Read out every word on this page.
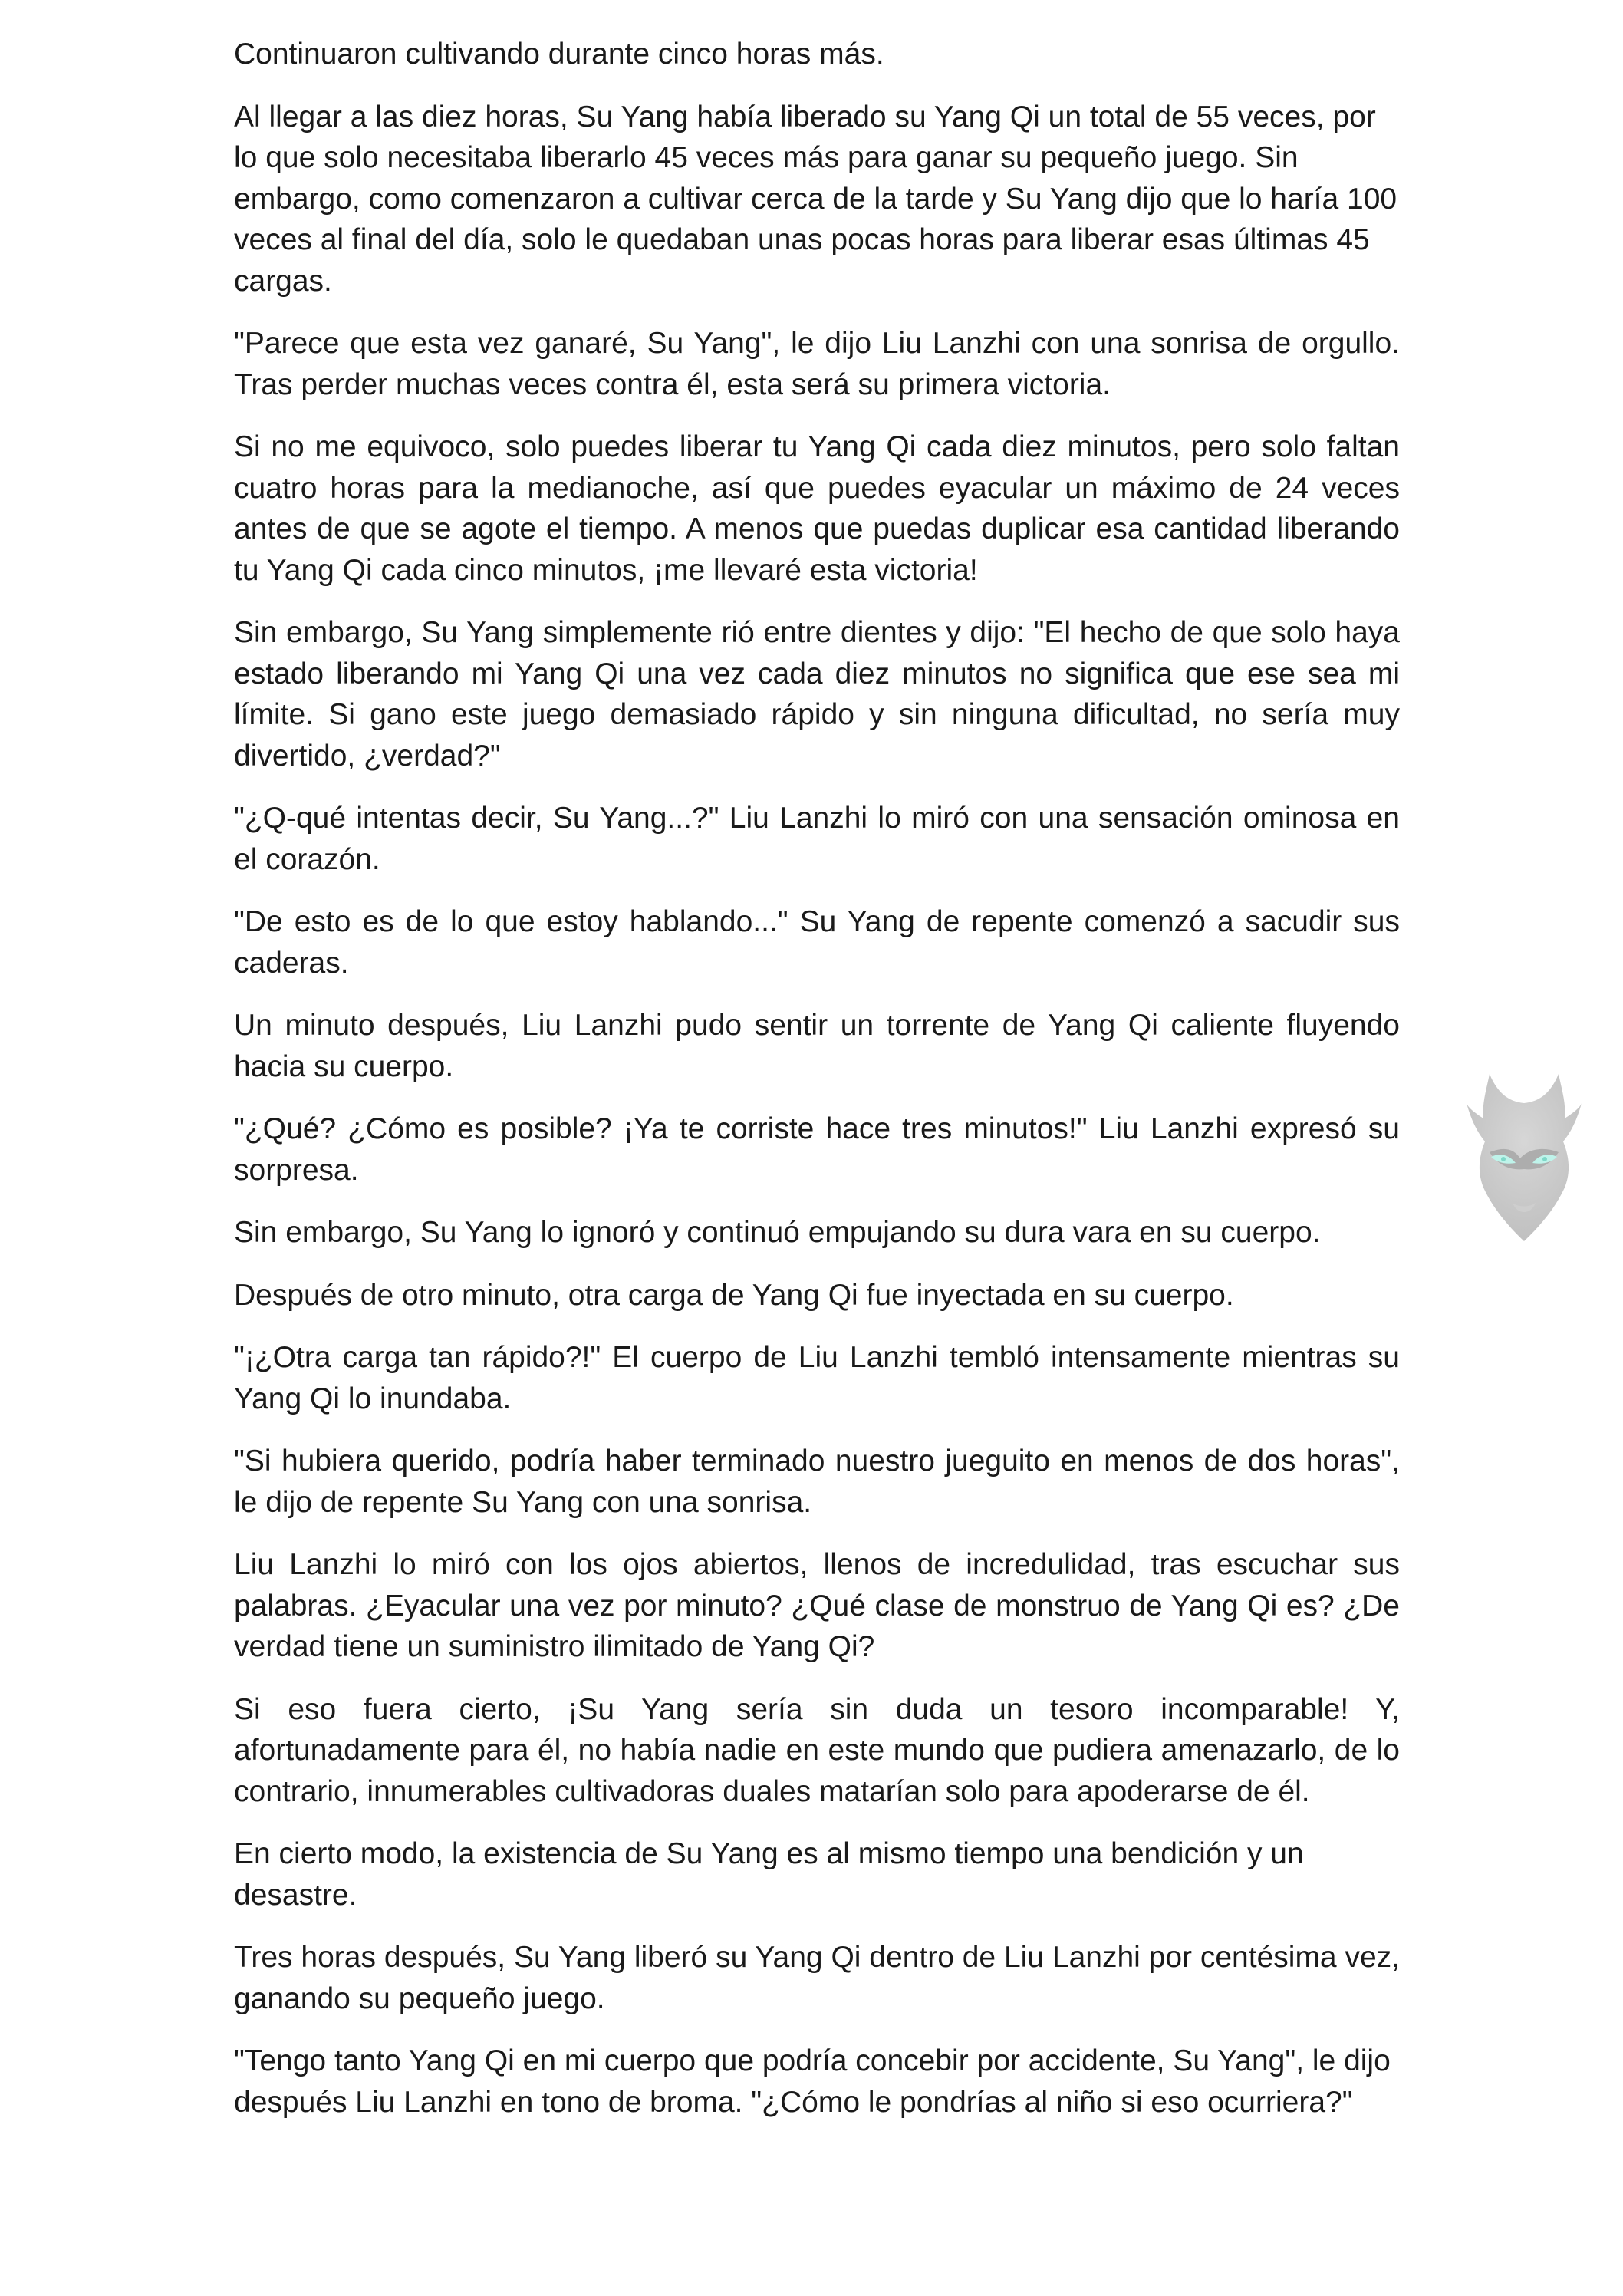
Continuaron cultivando durante cinco horas más.

Al llegar a las diez horas, Su Yang había liberado su Yang Qi un total de 55 veces, por lo que solo necesitaba liberarlo 45 veces más para ganar su pequeño juego. Sin embargo, como comenzaron a cultivar cerca de la tarde y Su Yang dijo que lo haría 100 veces al final del día, solo le quedaban unas pocas horas para liberar esas últimas 45 cargas.

"Parece que esta vez ganaré, Su Yang", le dijo Liu Lanzhi con una sonrisa de orgullo. Tras perder muchas veces contra él, esta será su primera victoria.

Si no me equivoco, solo puedes liberar tu Yang Qi cada diez minutos, pero solo faltan cuatro horas para la medianoche, así que puedes eyacular un máximo de 24 veces antes de que se agote el tiempo. A menos que puedas duplicar esa cantidad liberando tu Yang Qi cada cinco minutos, ¡me llevaré esta victoria!

Sin embargo, Su Yang simplemente rió entre dientes y dijo: "El hecho de que solo haya estado liberando mi Yang Qi una vez cada diez minutos no significa que ese sea mi límite. Si gano este juego demasiado rápido y sin ninguna dificultad, no sería muy divertido, ¿verdad?"

"¿Q-qué intentas decir, Su Yang...?" Liu Lanzhi lo miró con una sensación ominosa en el corazón.

"De esto es de lo que estoy hablando..." Su Yang de repente comenzó a sacudir sus caderas.

Un minuto después, Liu Lanzhi pudo sentir un torrente de Yang Qi caliente fluyendo hacia su cuerpo.

"¿Qué? ¿Cómo es posible? ¡Ya te corriste hace tres minutos!" Liu Lanzhi expresó su sorpresa.

Sin embargo, Su Yang lo ignoró y continuó empujando su dura vara en su cuerpo.

Después de otro minuto, otra carga de Yang Qi fue inyectada en su cuerpo.

"¡¿Otra carga tan rápido?!" El cuerpo de Liu Lanzhi tembló intensamente mientras su Yang Qi lo inundaba.

"Si hubiera querido, podría haber terminado nuestro jueguito en menos de dos horas", le dijo de repente Su Yang con una sonrisa.

Liu Lanzhi lo miró con los ojos abiertos, llenos de incredulidad, tras escuchar sus palabras. ¿Eyacular una vez por minuto? ¿Qué clase de monstruo de Yang Qi es? ¿De verdad tiene un suministro ilimitado de Yang Qi?

Si eso fuera cierto, ¡Su Yang sería sin duda un tesoro incomparable! Y, afortunadamente para él, no había nadie en este mundo que pudiera amenazarlo, de lo contrario, innumerables cultivadoras duales matarían solo para apoderarse de él.

En cierto modo, la existencia de Su Yang es al mismo tiempo una bendición y un desastre.

Tres horas después, Su Yang liberó su Yang Qi dentro de Liu Lanzhi por centésima vez, ganando su pequeño juego.

"Tengo tanto Yang Qi en mi cuerpo que podría concebir por accidente, Su Yang", le dijo después Liu Lanzhi en tono de broma. "¿Cómo le pondrías al niño si eso ocurriera?"
